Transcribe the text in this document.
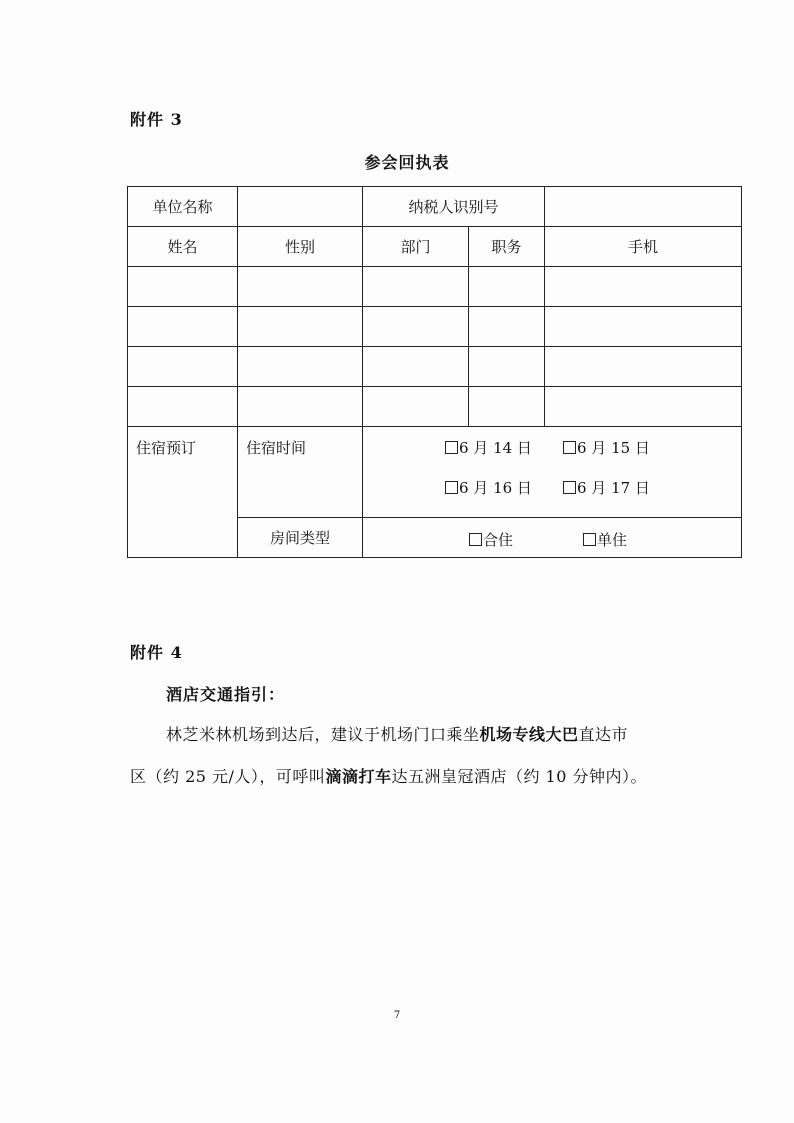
附件 3
参会回执表
单位名称		纳税人识别号		
姓名	性别	部门	职务	手机

住宿预订	住宿时间	6 月 14 日 6 月 15 日
6 月 16 日 6 月 17 日		

	房间类型	合住 单住		
附件 4
酒店交通指引：
林芝米林机场到达后，建议于机场门口乘坐机场专线大巴直达市
区（约 25 元/人），可呼叫滴滴打车达五洲皇冠酒店（约 10 分钟内）。
7
